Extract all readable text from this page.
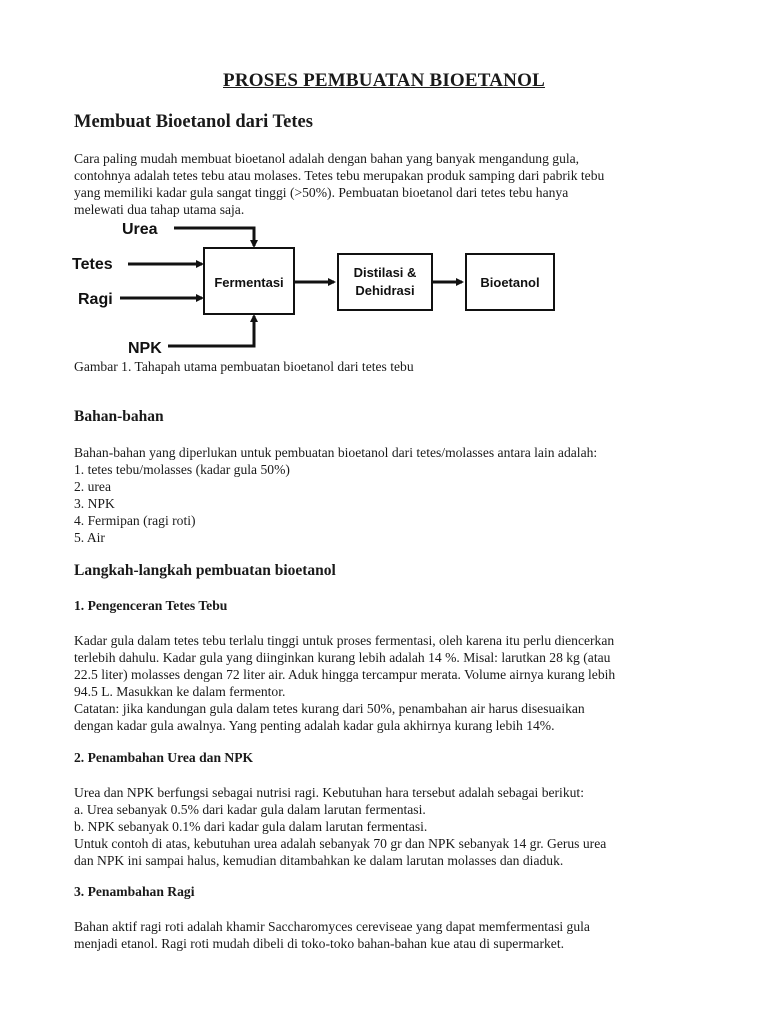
PROSES PEMBUATAN BIOETANOL
Membuat Bioetanol dari Tetes

Cara paling mudah membuat bioetanol adalah dengan bahan yang banyak mengandung gula,
contohnya adalah tetes tebu atau molases. Tetes tebu merupakan produk samping dari pabrik tebu
yang memiliki kadar gula sangat tinggi (>50%). Pembuatan bioetanol dari tetes tebu hanya
melewati dua tahap utama saja.

Urea
Tetes
Ragi
NPK
Fermentasi
Distilasi &
Dehidrasi
Bioetanol

Gambar 1. Tahapah utama pembuatan bioetanol dari tetes tebu

Bahan-bahan

Bahan-bahan yang diperlukan untuk pembuatan bioetanol dari tetes/molasses antara lain adalah:
1. tetes tebu/molasses (kadar gula 50%)
2. urea
3. NPK
4. Fermipan (ragi roti)
5. Air

Langkah-langkah pembuatan bioetanol
1. Pengenceran Tetes Tebu

Kadar gula dalam tetes tebu terlalu tinggi untuk proses fermentasi, oleh karena itu perlu diencerkan
terlebih dahulu. Kadar gula yang diinginkan kurang lebih adalah 14 %. Misal: larutkan 28 kg (atau
22.5 liter) molasses dengan 72 liter air. Aduk hingga tercampur merata. Volume airnya kurang lebih
94.5 L. Masukkan ke dalam fermentor.
Catatan: jika kandungan gula dalam tetes kurang dari 50%, penambahan air harus disesuaikan
dengan kadar gula awalnya. Yang penting adalah kadar gula akhirnya kurang lebih 14%.

2. Penambahan Urea dan NPK

Urea dan NPK berfungsi sebagai nutrisi ragi. Kebutuhan hara tersebut adalah sebagai berikut:
a. Urea sebanyak 0.5% dari kadar gula dalam larutan fermentasi.
b. NPK sebanyak 0.1% dari kadar gula dalam larutan fermentasi.
Untuk contoh di atas, kebutuhan urea adalah sebanyak 70 gr dan NPK sebanyak 14 gr. Gerus urea
dan NPK ini sampai halus, kemudian ditambahkan ke dalam larutan molasses dan diaduk.

3. Penambahan Ragi

Bahan aktif ragi roti adalah khamir Saccharomyces cereviseae yang dapat memfermentasi gula
menjadi etanol. Ragi roti mudah dibeli di toko-toko bahan-bahan kue atau di supermarket.
